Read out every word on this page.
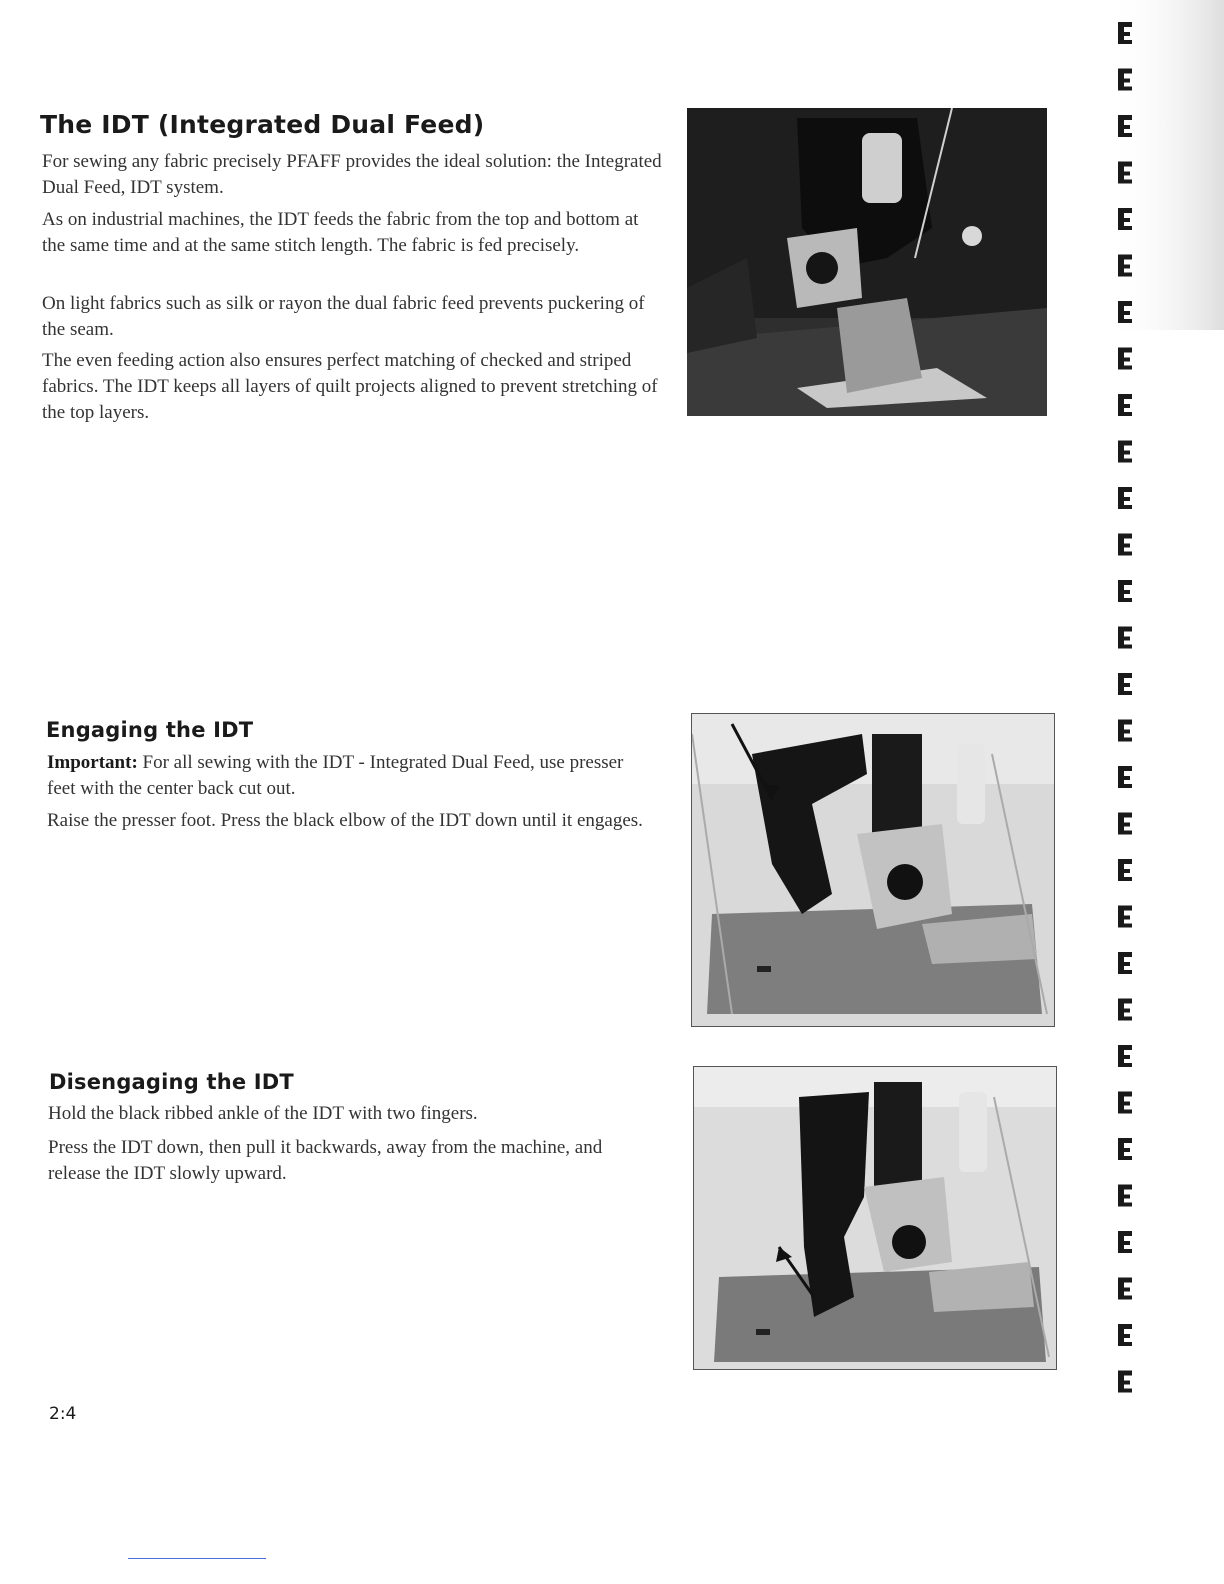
The IDT (Integrated Dual Feed)

For sewing any fabric precisely PFAFF provides the ideal solution: the Integrated Dual Feed, IDT system.

As on industrial machines, the IDT feeds the fabric from the top and bottom at the same time and at the same stitch length. The fabric is fed precisely.

On light fabrics such as silk or rayon the dual fabric feed prevents puckering of the seam.

The even feeding action also ensures perfect matching of checked and striped fabrics. The IDT keeps all layers of quilt projects aligned to prevent stretching of the top layers.

Engaging the IDT

Important: For all sewing with the IDT - Integrated Dual Feed, use presser feet with the center back cut out.

Raise the presser foot. Press the black elbow of the IDT down until it engages.

Disengaging the IDT

Hold the black ribbed ankle of the IDT with two fingers.

Press the IDT down, then pull it backwards, away from the machine, and release the IDT slowly upward.

2:4
